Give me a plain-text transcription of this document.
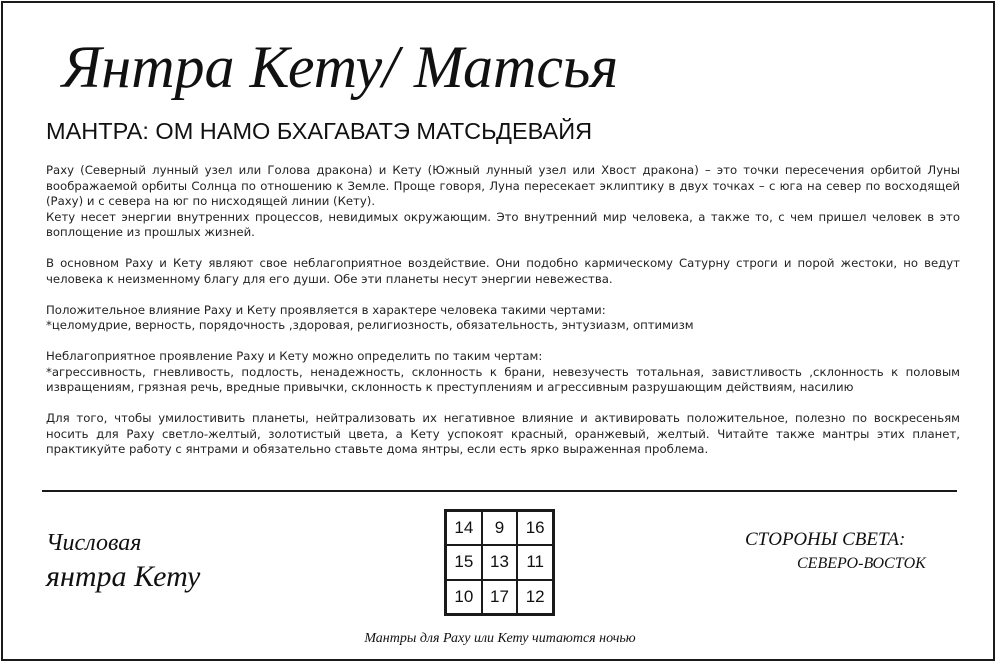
Янтра Кету/ Матсья
МАНТРА: ОМ НАМО БХАГАВАТЭ МАТСЬДЕВАЙЯ

Раху (Северный лунный узел или Голова дракона) и Кету (Южный лунный узел или Хвост дракона) – это точки пересечения орбитой Луны воображаемой орбиты Солнца по отношению к Земле. Проще говоря, Луна пересекает эклиптику в двух точках – с юга на север по восходящей (Раху) и с севера на юг по нисходящей линии (Кету).

Кету несет энергии внутренних процессов, невидимых окружающим. Это внутренний мир человека, а также то, с чем пришел человек в это воплощение из прошлых жизней.

В основном Раху и Кету являют свое неблагоприятное воздействие. Они подобно кармическому Сатурну строги и порой жестоки, но ведут человека к неизменному благу для его души. Обе эти планеты несут энергии невежества.

Положительное влияние Раху и Кету проявляется в характере человека такими чертами:
*целомудрие, верность, порядочность ,здоровая, религиозность, обязательность, энтузиазм, оптимизм

Неблагоприятное проявление Раху и Кету можно определить по таким чертам:
*агрессивность, гневливость, подлость, ненадежность, склонность к брани, невезучесть тотальная, завистливость ,склонность к половым извращениям, грязная речь, вредные привычки, склонность к преступлениям и агрессивным разрушающим действиям, насилию

Для того, чтобы умилостивить планеты, нейтрализовать их негативное влияние и активировать положительное, полезно по воскресеньям носить для Раху светло-желтый, золотистый цвета, а Кету успокоят красный, оранжевый, желтый. Читайте также мантры этих планет, практикуйте работу с янтрами и обязательно ставьте дома янтры, если есть ярко выраженная проблема.

Числовая
янтра Кету
14	9	16
15 13	11
10 17 12
СТОРОНЫ СВЕТА:
СЕВЕРО-ВОСТОК
Мантры для Раху или Кету читаются ночью
